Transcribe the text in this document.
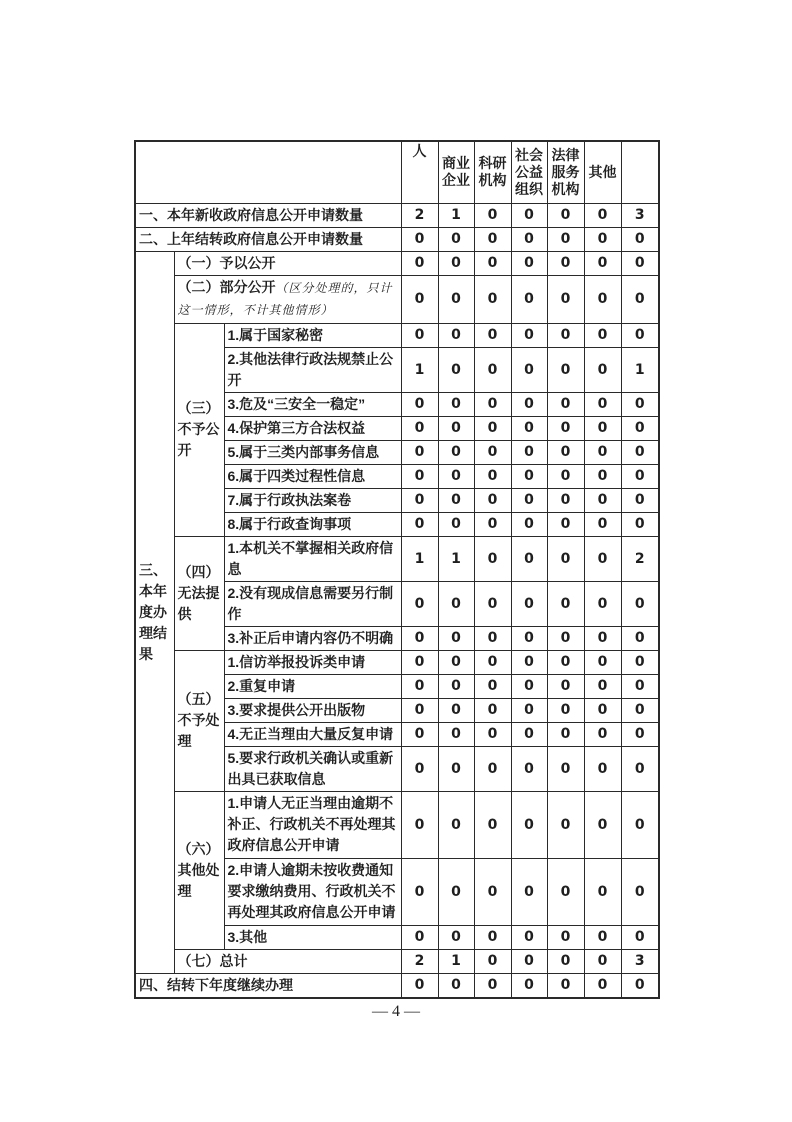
			人	商业企业	科研机构	社会公益组织	法律服务机构	其他	
一、本年新收政府信息公开申请数量			2	1	0	0	0	0	3
二、上年结转政府信息公开申请数量			0	0	0	0	0	0	0
三、本年度办理结果	（一）予以公开		0	0	0	0	0	0	0
	（二）部分公开（区分处理的，只计这一情形，不计其他情形）		0	0	0	0	0	0	0
	（三）不予公开	1.属于国家秘密	0	0	0	0	0	0	0
		2.其他法律行政法规禁止公开	1	0	0	0	0	0	1
		3.危及“三安全一稳定”	0	0	0	0	0	0	0
		4.保护第三方合法权益	0	0	0	0	0	0	0
		5.属于三类内部事务信息	0	0	0	0	0	0	0
		6.属于四类过程性信息	0	0	0	0	0	0	0
		7.属于行政执法案卷	0	0	0	0	0	0	0
		8.属于行政查询事项	0	0	0	0	0	0	0
	（四）无法提供	1.本机关不掌握相关政府信息	1	1	0	0	0	0	2
		2.没有现成信息需要另行制作	0	0	0	0	0	0	0
		3.补正后申请内容仍不明确	0	0	0	0	0	0	0
	（五）不予处理	1.信访举报投诉类申请	0	0	0	0	0	0	0
		2.重复申请	0	0	0	0	0	0	0
		3.要求提供公开出版物	0	0	0	0	0	0	0
		4.无正当理由大量反复申请	0	0	0	0	0	0	0
		5.要求行政机关确认或重新出具已获取信息	0	0	0	0	0	0	0
	（六）其他处理	1.申请人无正当理由逾期不补正、行政机关不再处理其政府信息公开申请	0	0	0	0	0	0	0
		2.申请人逾期未按收费通知要求缴纳费用、行政机关不再处理其政府信息公开申请	0	0	0	0	0	0	0
		3.其他	0	0	0	0	0	0	0
	（七）总计		2	1	0	0	0	0	3
四、结转下年度继续办理			0	0	0	0	0	0	0
— 4 —
